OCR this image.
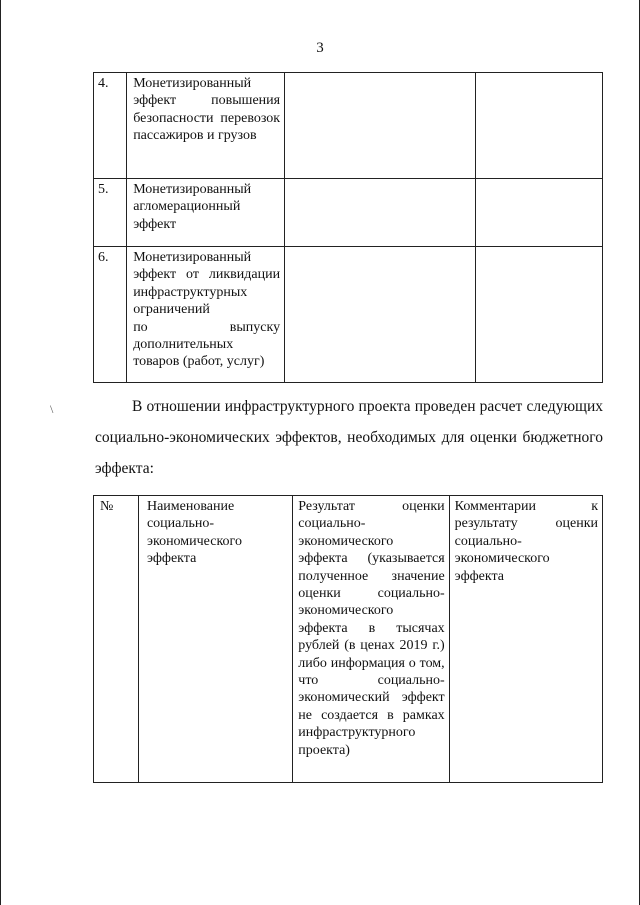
3
4.	Монетизированный эффект повышения безопасности перевозок пассажиров и грузов		
5.	Монетизированный агломерационный эффект		
6.	Монетизированный эффект от ликвидации инфраструктурных ограничений
по выпуску
дополнительных товаров (работ, услуг)		

\	В отношении инфраструктурного проекта проведен расчет следующих социально-экономических эффектов, необходимых для оценки бюджетного эффекта:
№	Наименование социально-экономического эффекта	Результат оценки социально-экономического эффекта (указывается полученное значение оценки социально-экономического эффекта в тысячах рублей (в ценах 2019 г.) либо информация о том, что социально-экономический эффект не создается в рамках инфраструктурного проекта)	Комментарии к результату оценки социально-экономического эффекта
